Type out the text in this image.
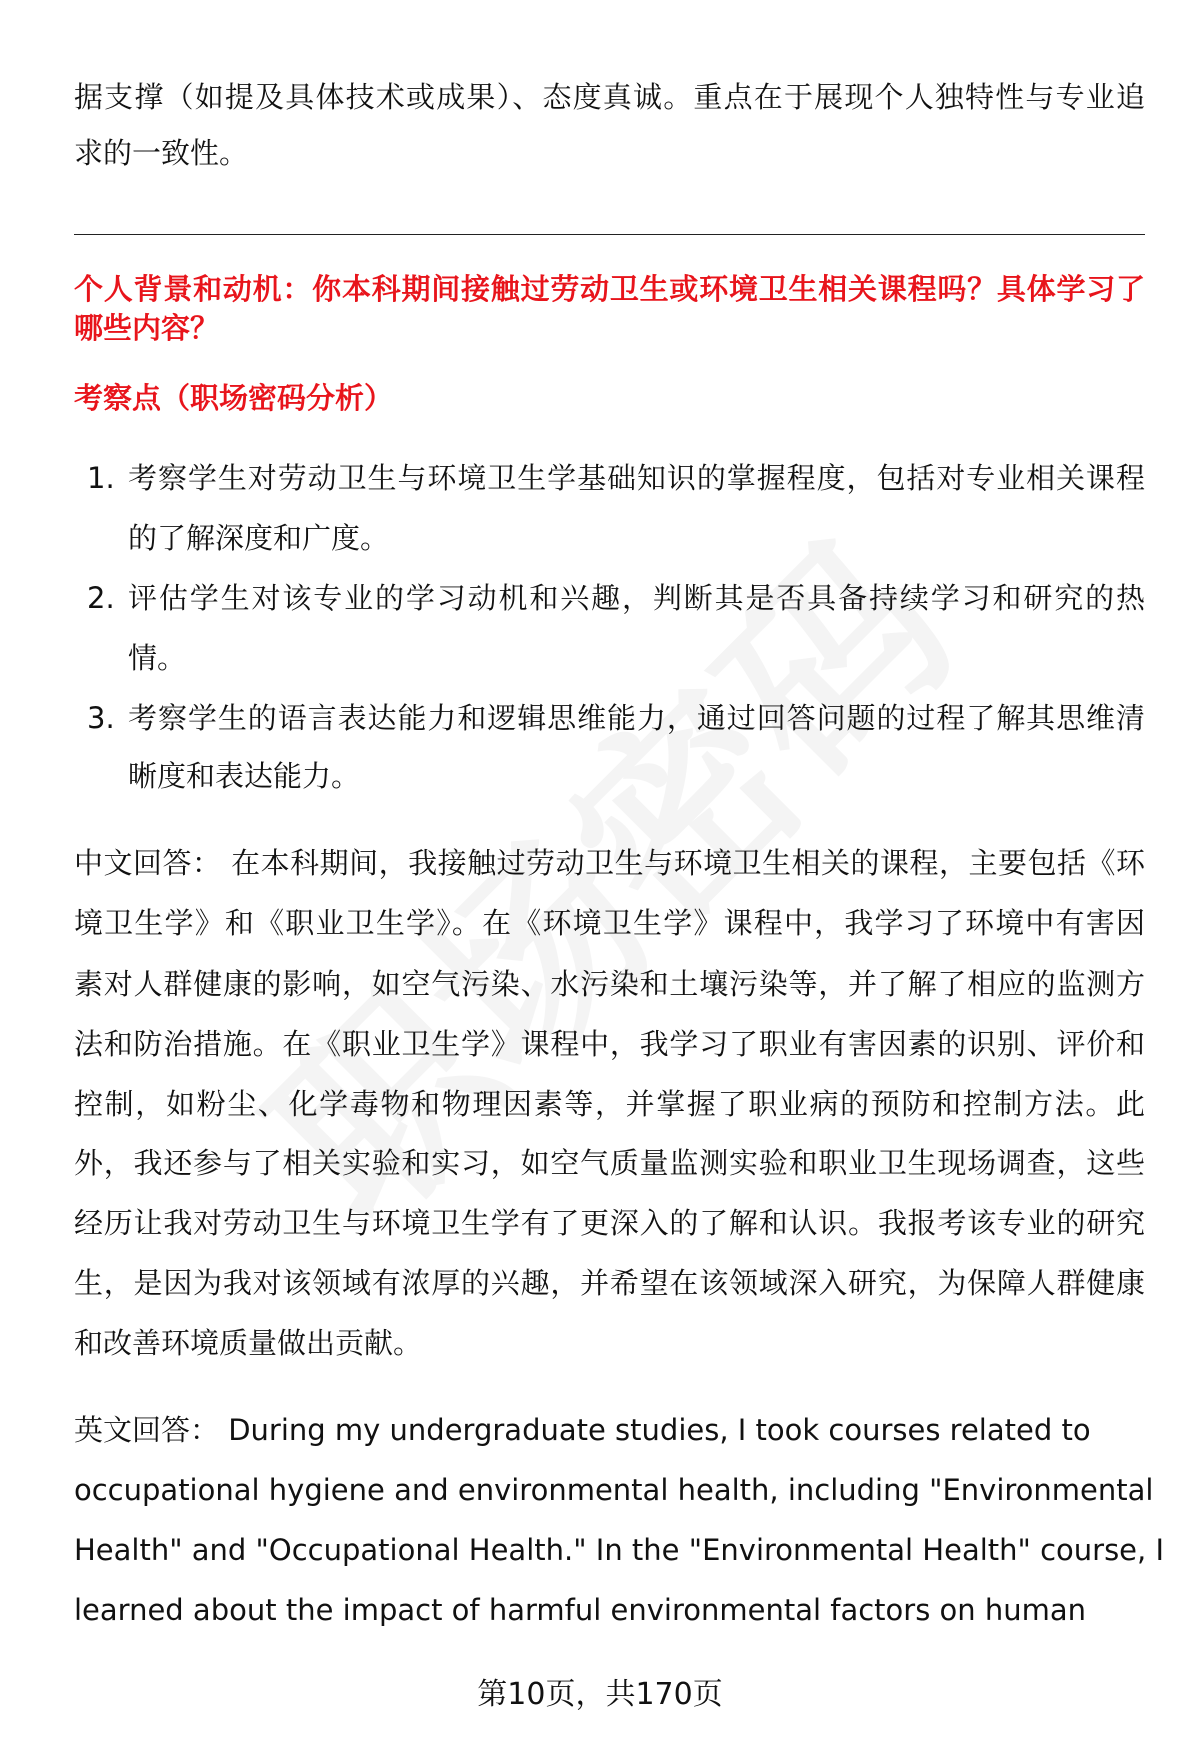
据支撑（如提及具体技术或成果）、态度真诚。重点在于展现个人独特性与专业追
求的一致性。
个人背景和动机：你本科期间接触过劳动卫生或环境卫生相关课程吗？具体学习了
哪些内容？
考察点（职场密码分析）
1. 考察学生对劳动卫生与环境卫生学基础知识的掌握程度，包括对专业相关课程
的了解深度和广度。
2. 评估学生对该专业的学习动机和兴趣，判断其是否具备持续学习和研究的热
情。
3. 考察学生的语言表达能力和逻辑思维能力，通过回答问题的过程了解其思维清
晰度和表达能力。
中文回答： 在本科期间，我接触过劳动卫生与环境卫生相关的课程，主要包括《环
境卫生学》和《职业卫生学》。在《环境卫生学》课程中，我学习了环境中有害因
素对人群健康的影响，如空气污染、水污染和土壤污染等，并了解了相应的监测方
法和防治措施。在《职业卫生学》课程中，我学习了职业有害因素的识别、评价和
控制，如粉尘、化学毒物和物理因素等，并掌握了职业病的预防和控制方法。此
外，我还参与了相关实验和实习，如空气质量监测实验和职业卫生现场调查，这些
经历让我对劳动卫生与环境卫生学有了更深入的了解和认识。我报考该专业的研究
生，是因为我对该领域有浓厚的兴趣，并希望在该领域深入研究，为保障人群健康
和改善环境质量做出贡献。
英文回答： During my undergraduate studies, I took courses related to
occupational hygiene and environmental health, including "Environmental
Health" and "Occupational Health." In the "Environmental Health" course, I
learned about the impact of harmful environmental factors on human
第10页，共170页
